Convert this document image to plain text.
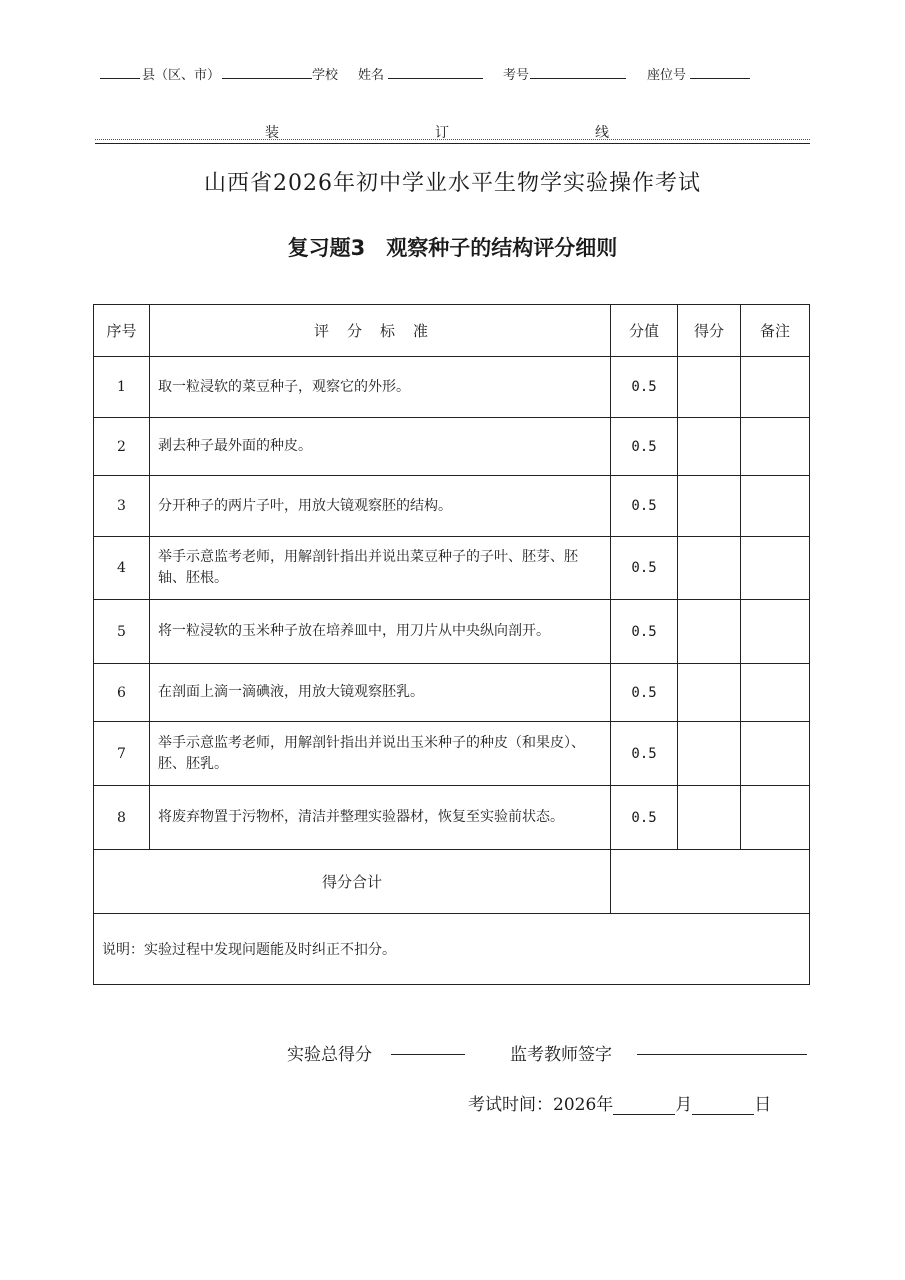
县（区、市）	学校 姓名	考号	座位号
装	订	线
山西省2026年初中学业水平生物学实验操作考试
复习题3　观察种子的结构评分细则
序号	评分标准	分值	得分	备注
1	取一粒浸软的菜豆种子，观察它的外形。	0.5		
2	剥去种子最外面的种皮。	0.5		
3	分开种子的两片子叶，用放大镜观察胚的结构。	0.5		
4	举手示意监考老师，用解剖针指出并说出菜豆种子的子叶、胚芽、胚轴、胚根。	0.5		
5	将一粒浸软的玉米种子放在培养皿中，用刀片从中央纵向剖开。	0.5		
6	在剖面上滴一滴碘液，用放大镜观察胚乳。	0.5		
7	举手示意监考老师，用解剖针指出并说出玉米种子的种皮（和果皮）、胚、胚乳。	0.5		
8	将废弃物置于污物杯，清洁并整理实验器材，恢复至实验前状态。	0.5		
得分合计				
说明：实验过程中发现问题能及时纠正不扣分。				
实验总得分	监考教师签字
考试时间：2026年	月	日
